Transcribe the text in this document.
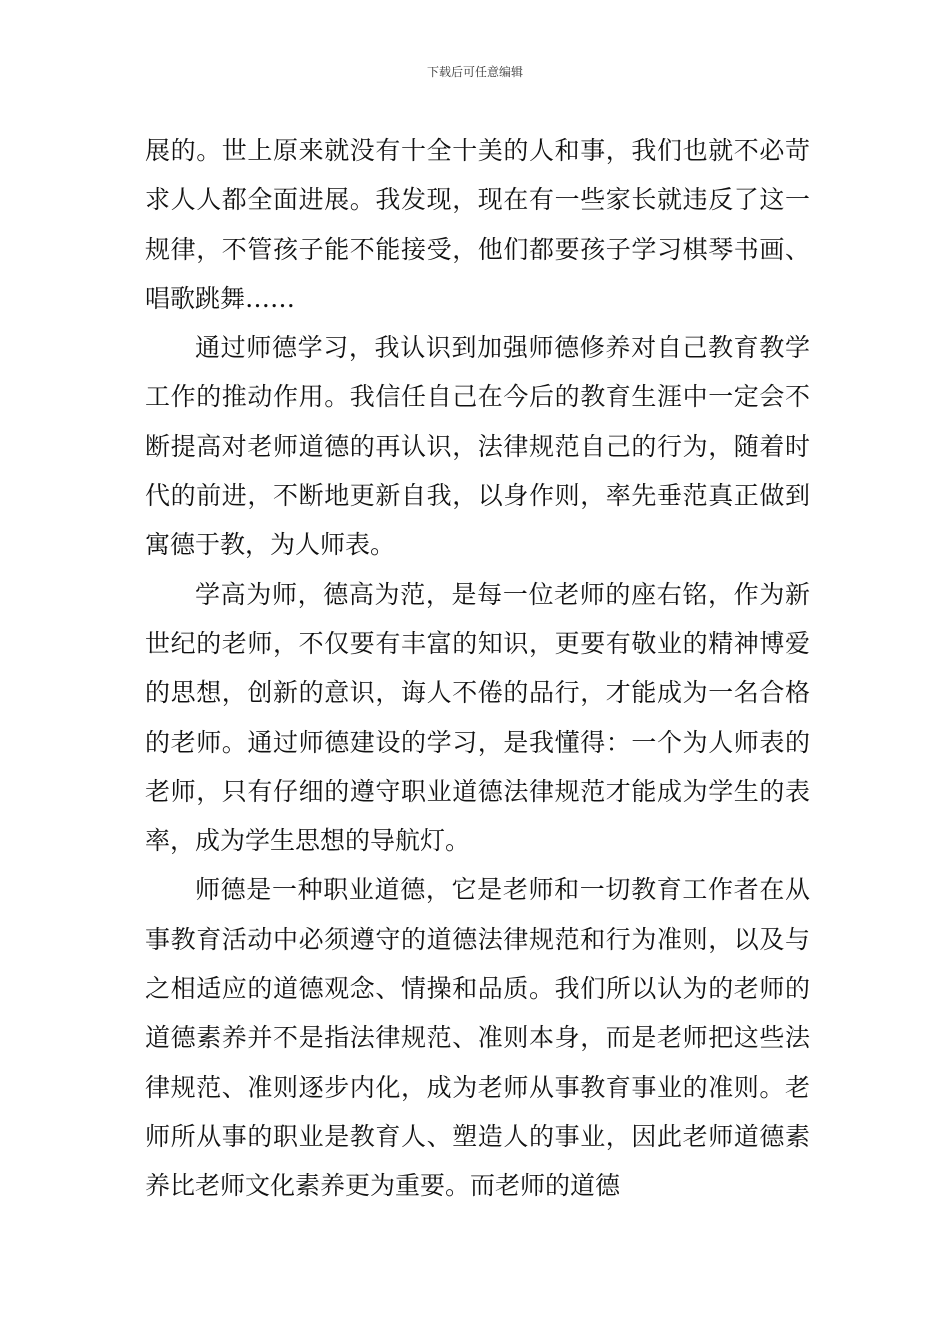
下载后可任意编辑

展的。世上原来就没有十全十美的人和事，我们也就不必苛求人人都全面进展。我发现，现在有一些家长就违反了这一规律，不管孩子能不能接受，他们都要孩子学习棋琴书画、唱歌跳舞……

通过师德学习，我认识到加强师德修养对自己教育教学工作的推动作用。我信任自己在今后的教育生涯中一定会不断提高对老师道德的再认识，法律规范自己的行为，随着时代的前进，不断地更新自我，以身作则，率先垂范真正做到寓德于教，为人师表。

学高为师，德高为范，是每一位老师的座右铭，作为新世纪的老师，不仅要有丰富的知识，更要有敬业的精神博爱的思想，创新的意识，诲人不倦的品行，才能成为一名合格的老师。通过师德建设的学习，是我懂得：一个为人师表的老师，只有仔细的遵守职业道德法律规范才能成为学生的表率，成为学生思想的导航灯。

师德是一种职业道德，它是老师和一切教育工作者在从事教育活动中必须遵守的道德法律规范和行为准则，以及与之相适应的道德观念、情操和品质。我们所以认为的老师的道德素养并不是指法律规范、准则本身，而是老师把这些法律规范、准则逐步内化，成为老师从事教育事业的准则。老师所从事的职业是教育人、塑造人的事业，因此老师道德素养比老师文化素养更为重要。而老师的道德
